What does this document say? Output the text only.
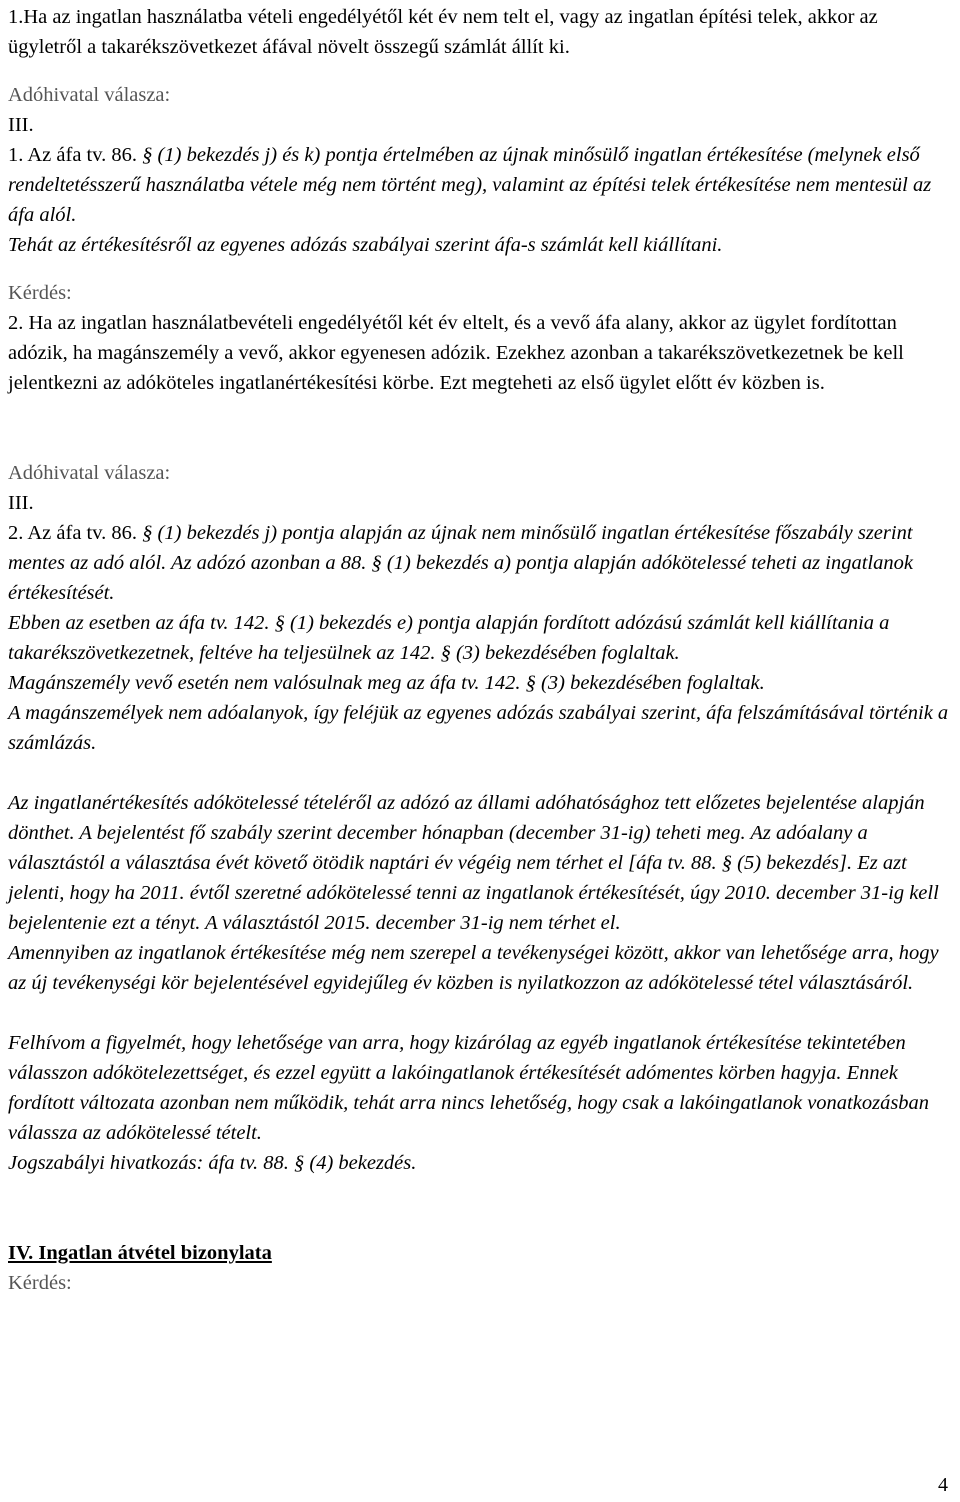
1.Ha az ingatlan használatba vételi engedélyétől két év nem telt el, vagy az ingatlan építési telek, akkor az ügyletről a takarékszövetkezet áfával növelt összegű számlát állít ki.

Adóhivatal válasza:

III.

1. Az áfa tv. 86. § (1) bekezdés j) és k) pontja értelmében az újnak minősülő ingatlan értékesítése (melynek első rendeltetésszerű használatba vétele még nem történt meg), valamint az építési telek értékesítése nem mentesül az áfa alól.

Tehát az értékesítésről az egyenes adózás szabályai szerint áfa-s számlát kell kiállítani.

Kérdés:

2. Ha az ingatlan használatbevételi engedélyétől két év eltelt, és a vevő áfa alany, akkor az ügylet fordítottan adózik, ha magánszemély a vevő, akkor egyenesen adózik. Ezekhez azonban a takarékszövetkezetnek be kell jelentkezni az adóköteles ingatlanértékesítési körbe. Ezt megteheti az első ügylet előtt év közben is.

Adóhivatal válasza:

III.

2. Az áfa tv. 86. § (1) bekezdés j) pontja alapján az újnak nem minősülő ingatlan értékesítése főszabály szerint mentes az adó alól. Az adózó azonban a 88. § (1) bekezdés a) pontja alapján adókötelessé teheti az ingatlanok értékesítését.

Ebben az esetben az áfa tv. 142. § (1) bekezdés e) pontja alapján fordított adózású számlát kell kiállítania a takarékszövetkezetnek, feltéve ha teljesülnek az 142. § (3) bekezdésében foglaltak.

Magánszemély vevő esetén nem valósulnak meg az áfa tv. 142. § (3) bekezdésében foglaltak.

A magánszemélyek nem adóalanyok, így feléjük az egyenes adózás szabályai szerint, áfa felszámításával történik a számlázás.

Az ingatlanértékesítés adókötelessé tételéről az adózó az állami adóhatósághoz tett előzetes bejelentése alapján dönthet. A bejelentést fő szabály szerint december hónapban (december 31-ig) teheti meg. Az adóalany a választástól a választása évét követő ötödik naptári év végéig nem térhet el [áfa tv. 88. § (5) bekezdés]. Ez azt jelenti, hogy ha 2011. évtől szeretné adókötelessé tenni az ingatlanok értékesítését, úgy 2010. december 31-ig kell bejelentenie ezt a tényt. A választástól 2015. december 31-ig nem térhet el.

Amennyiben az ingatlanok értékesítése még nem szerepel a tevékenységei között, akkor van lehetősége arra, hogy az új tevékenységi kör bejelentésével egyidejűleg év közben is nyilatkozzon az adókötelessé tétel választásáról.

Felhívom a figyelmét, hogy lehetősége van arra, hogy kizárólag az egyéb ingatlanok értékesítése tekintetében válasszon adókötelezettséget, és ezzel együtt a lakóingatlanok értékesítését adómentes körben hagyja. Ennek fordított változata azonban nem működik, tehát arra nincs lehetőség, hogy csak a lakóingatlanok vonatkozásban válassza az adókötelessé tételt.

Jogszabályi hivatkozás: áfa tv. 88. § (4) bekezdés.

IV. Ingatlan átvétel bizonylata

Kérdés:

4
